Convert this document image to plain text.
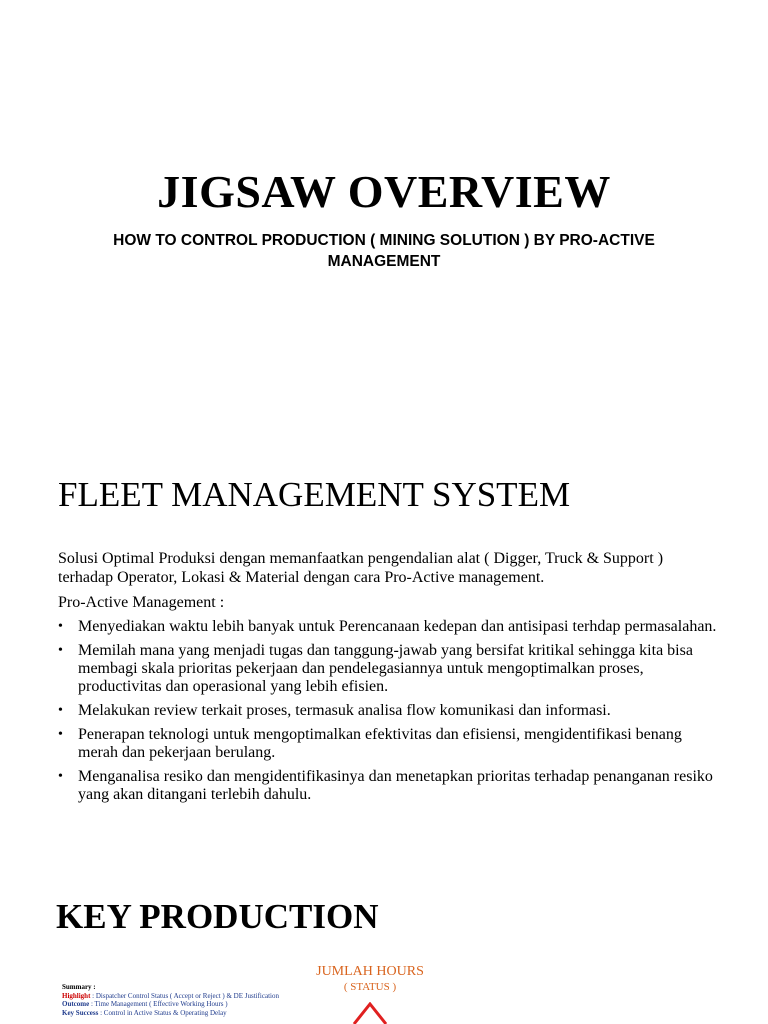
JIGSAW OVERVIEW
HOW TO CONTROL PRODUCTION ( MINING SOLUTION ) BY PRO-ACTIVE MANAGEMENT
FLEET MANAGEMENT SYSTEM

Solusi Optimal Produksi dengan memanfaatkan pengendalian alat ( Digger, Truck & Support ) terhadap Operator, Lokasi & Material dengan cara Pro-Active management.

Pro-Active Management :

• Menyediakan waktu lebih banyak untuk Perencanaan kedepan dan antisipasi terhdap permasalahan.
• Memilah mana yang menjadi tugas dan tanggung-jawab yang bersifat kritikal sehingga kita bisa membagi skala prioritas pekerjaan dan pendelegasiannya untuk mengoptimalkan proses, productivitas dan operasional yang lebih efisien.
• Melakukan review terkait proses, termasuk analisa flow komunikasi dan informasi.
• Penerapan teknologi untuk mengoptimalkan efektivitas dan efisiensi, mengidentifikasi benang merah dan pekerjaan berulang.
• Menganalisa resiko dan mengidentifikasinya dan menetapkan prioritas terhadap penanganan resiko yang akan ditangani terlebih dahulu.
KEY PRODUCTION
Summary :
Highlight : Dispatcher Control Status ( Accept or Reject ) & DE Justification
Outcome : Time Management ( Effective Working Hours )
Key Success : Control in Active Status & Operating Delay
JUMLAH HOURS
( STATUS )
